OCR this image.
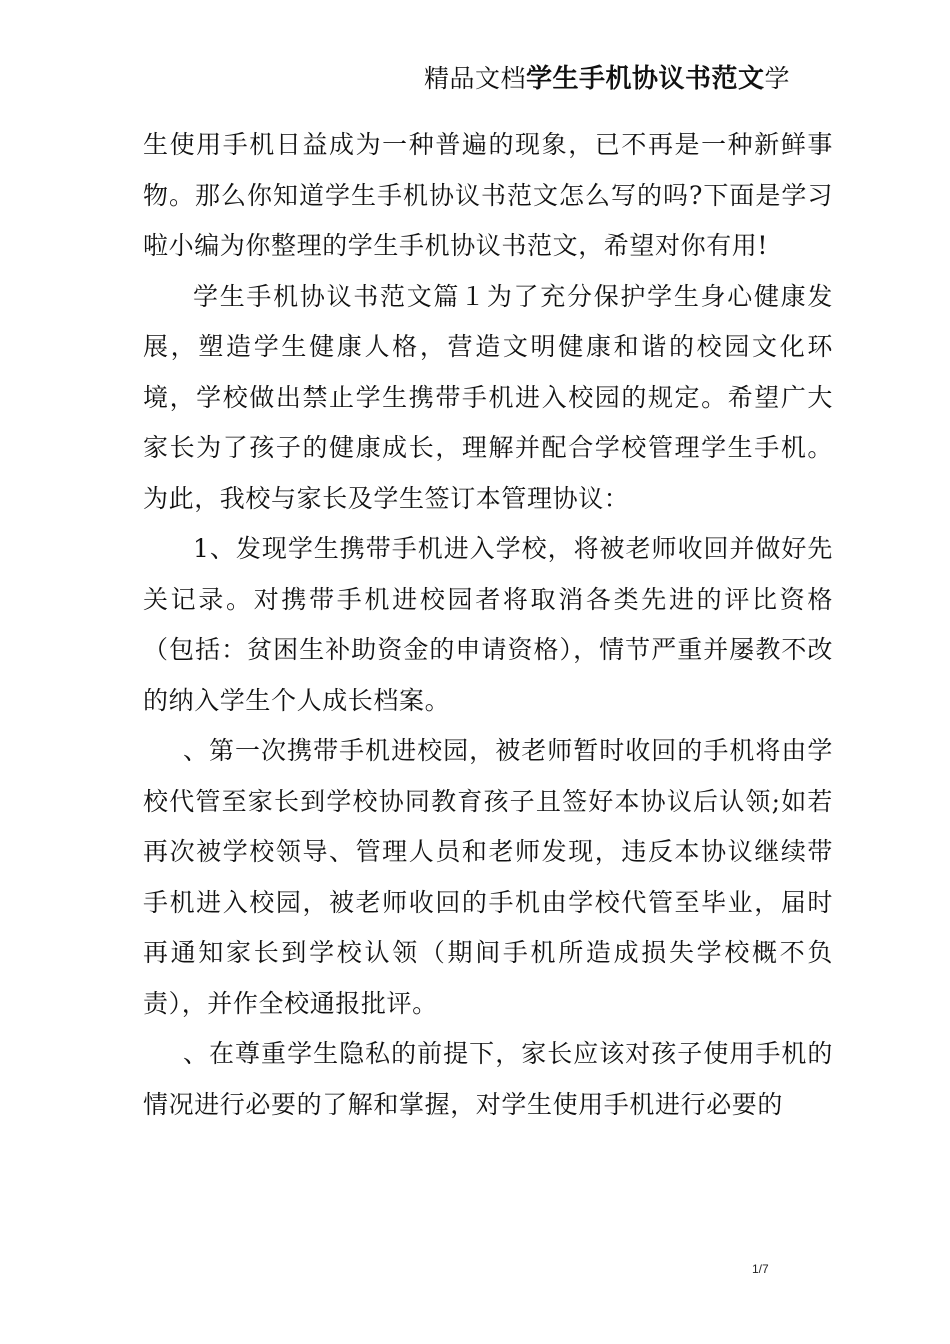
精品文档学生手机协议书范文学

生使用手机日益成为一种普遍的现象，已不再是一种新鲜事物。那么你知道学生手机协议书范文怎么写的吗?下面是学习啦小编为你整理的学生手机协议书范文，希望对你有用!

学生手机协议书范文篇１为了充分保护学生身心健康发展，塑造学生健康人格，营造文明健康和谐的校园文化环境，学校做出禁止学生携带手机进入校园的规定。希望广大家长为了孩子的健康成长，理解并配合学校管理学生手机。为此，我校与家长及学生签订本管理协议：

1、发现学生携带手机进入学校，将被老师收回并做好先关记录。对携带手机进校园者将取消各类先进的评比资格（包括：贫困生补助资金的申请资格），情节严重并屡教不改的纳入学生个人成长档案。

、第一次携带手机进校园，被老师暂时收回的手机将由学校代管至家长到学校协同教育孩子且签好本协议后认领;如若再次被学校领导、管理人员和老师发现，违反本协议继续带手机进入校园，被老师收回的手机由学校代管至毕业，届时再通知家长到学校认领（期间手机所造成损失学校概不负责），并作全校通报批评。

、在尊重学生隐私的前提下，家长应该对孩子使用手机的情况进行必要的了解和掌握，对学生使用手机进行必要的

1/7
